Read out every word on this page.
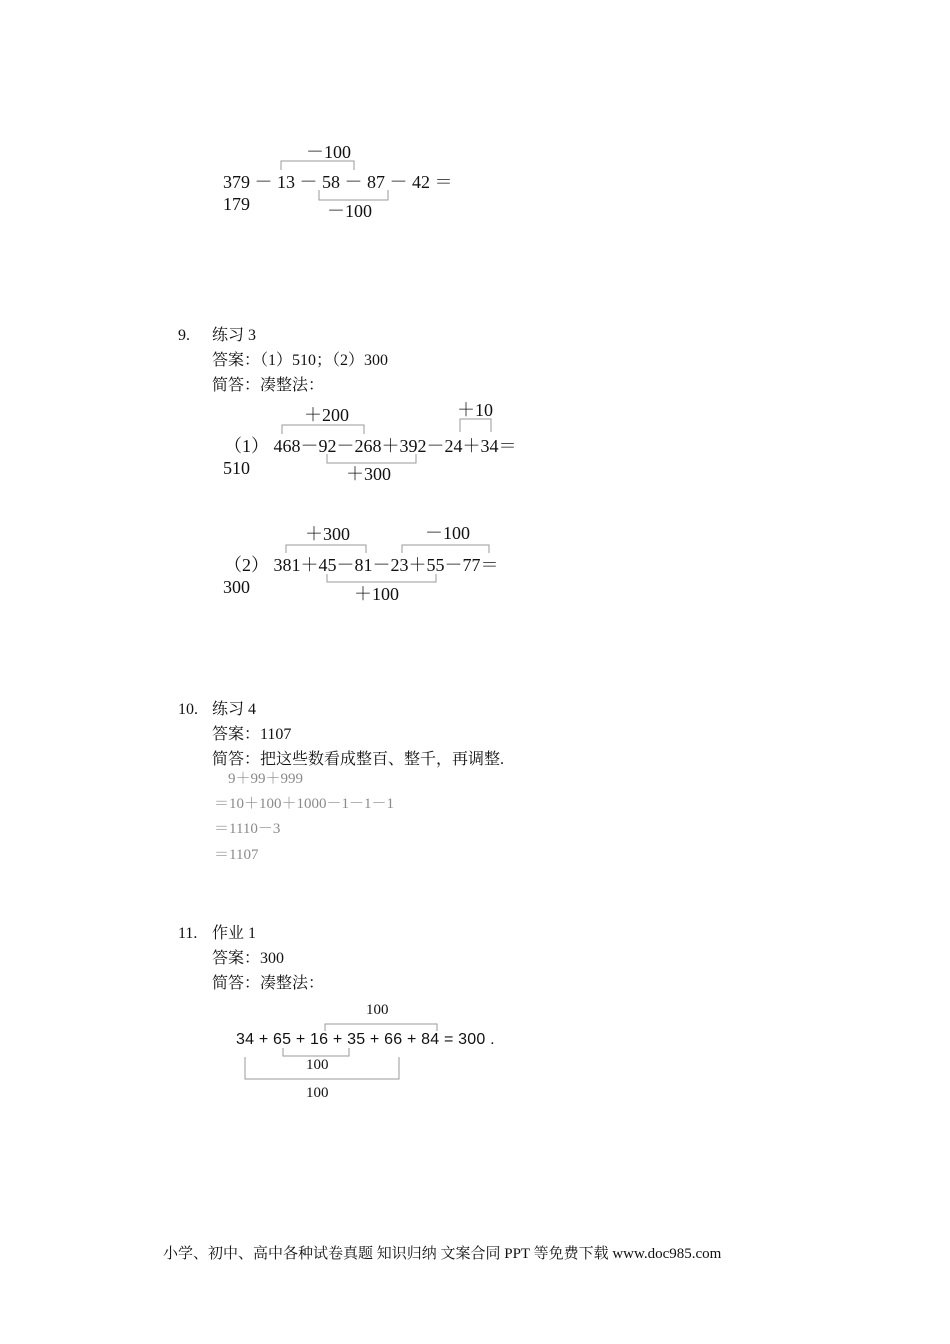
－100
379 － 13 － 58 － 87 － 42 ＝
179	－100
9. 练习 3
答案：（1）510；（2）300
简答：凑整法：
＋200	＋10
（1） 468－92－268＋392－24＋34＝
510	＋300
＋300	－100
（2） 381＋45－81－23＋55－77＝
300	＋100
10. 练习 4
答案：1107
简答：把这些数看成整百、整千，再调整.
9＋99＋999
＝10＋100＋1000－1－1－1
＝1110－3
＝1107
11. 作业 1
答案：300
简答：凑整法：
100
34 + 65 + 16 + 35 + 66 + 84 = 300 .
100
100
小学、初中、高中各种试卷真题 知识归纳 文案合同 PPT 等免费下载 www.doc985.com
